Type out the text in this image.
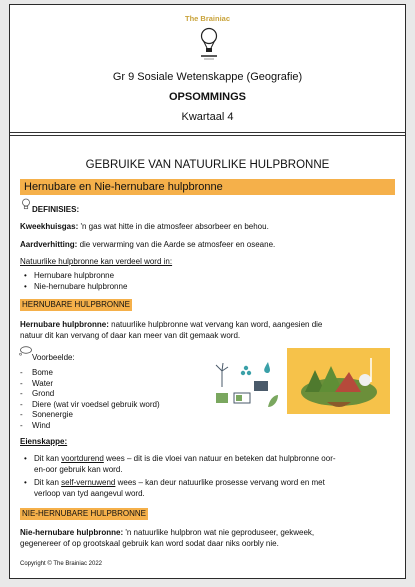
The Brainiac
Gr 9 Sosiale Wetenskappe (Geografie)
OPSOMMINGS
Kwartaal 4
GEBRUIKE VAN NATUURLIKE HULPBRONNE
Hernubare en Nie-hernubare hulpbronne
DEFINISIES:
Kweekhuisgas: 'n gas wat hitte in die atmosfeer absorbeer en behou.
Aardverhitting: die verwarming van die Aarde se atmosfeer en oseane.
Natuurlike hulpbronne kan verdeel word in:
• Hernubare hulpbronne
• Nie-hernubare hulpbronne
HERNUBARE HULPBRONNE
Hernubare hulpbronne: natuurlike hulpbronne wat vervang kan word, aangesien die
natuur dit kan vervang of daar kan meer van dit gemaak word.
Voorbeelde:
- Bome
- Water
- Grond
- Diere (wat vir voedsel gebruik word)
- Sonenergie
- Wind
Eienskappe:
• Dit kan voortdurend wees – dit is die vloei van natuur en beteken dat hulpbronne oor-
en-oor gebruik kan word.
• Dit kan self-vernuwend wees – kan deur natuurlike prosesse vervang word en met
verloop van tyd aangevul word.
NIE-HERNUBARE HULPBRONNE
Nie-hernubare hulpbronne: 'n natuurlike hulpbron wat nie geproduseer, gekweek,
gegenereer of op grootskaal gebruik kan word sodat daar niks oorbly nie.
Copyright © The Brainiac 2022
